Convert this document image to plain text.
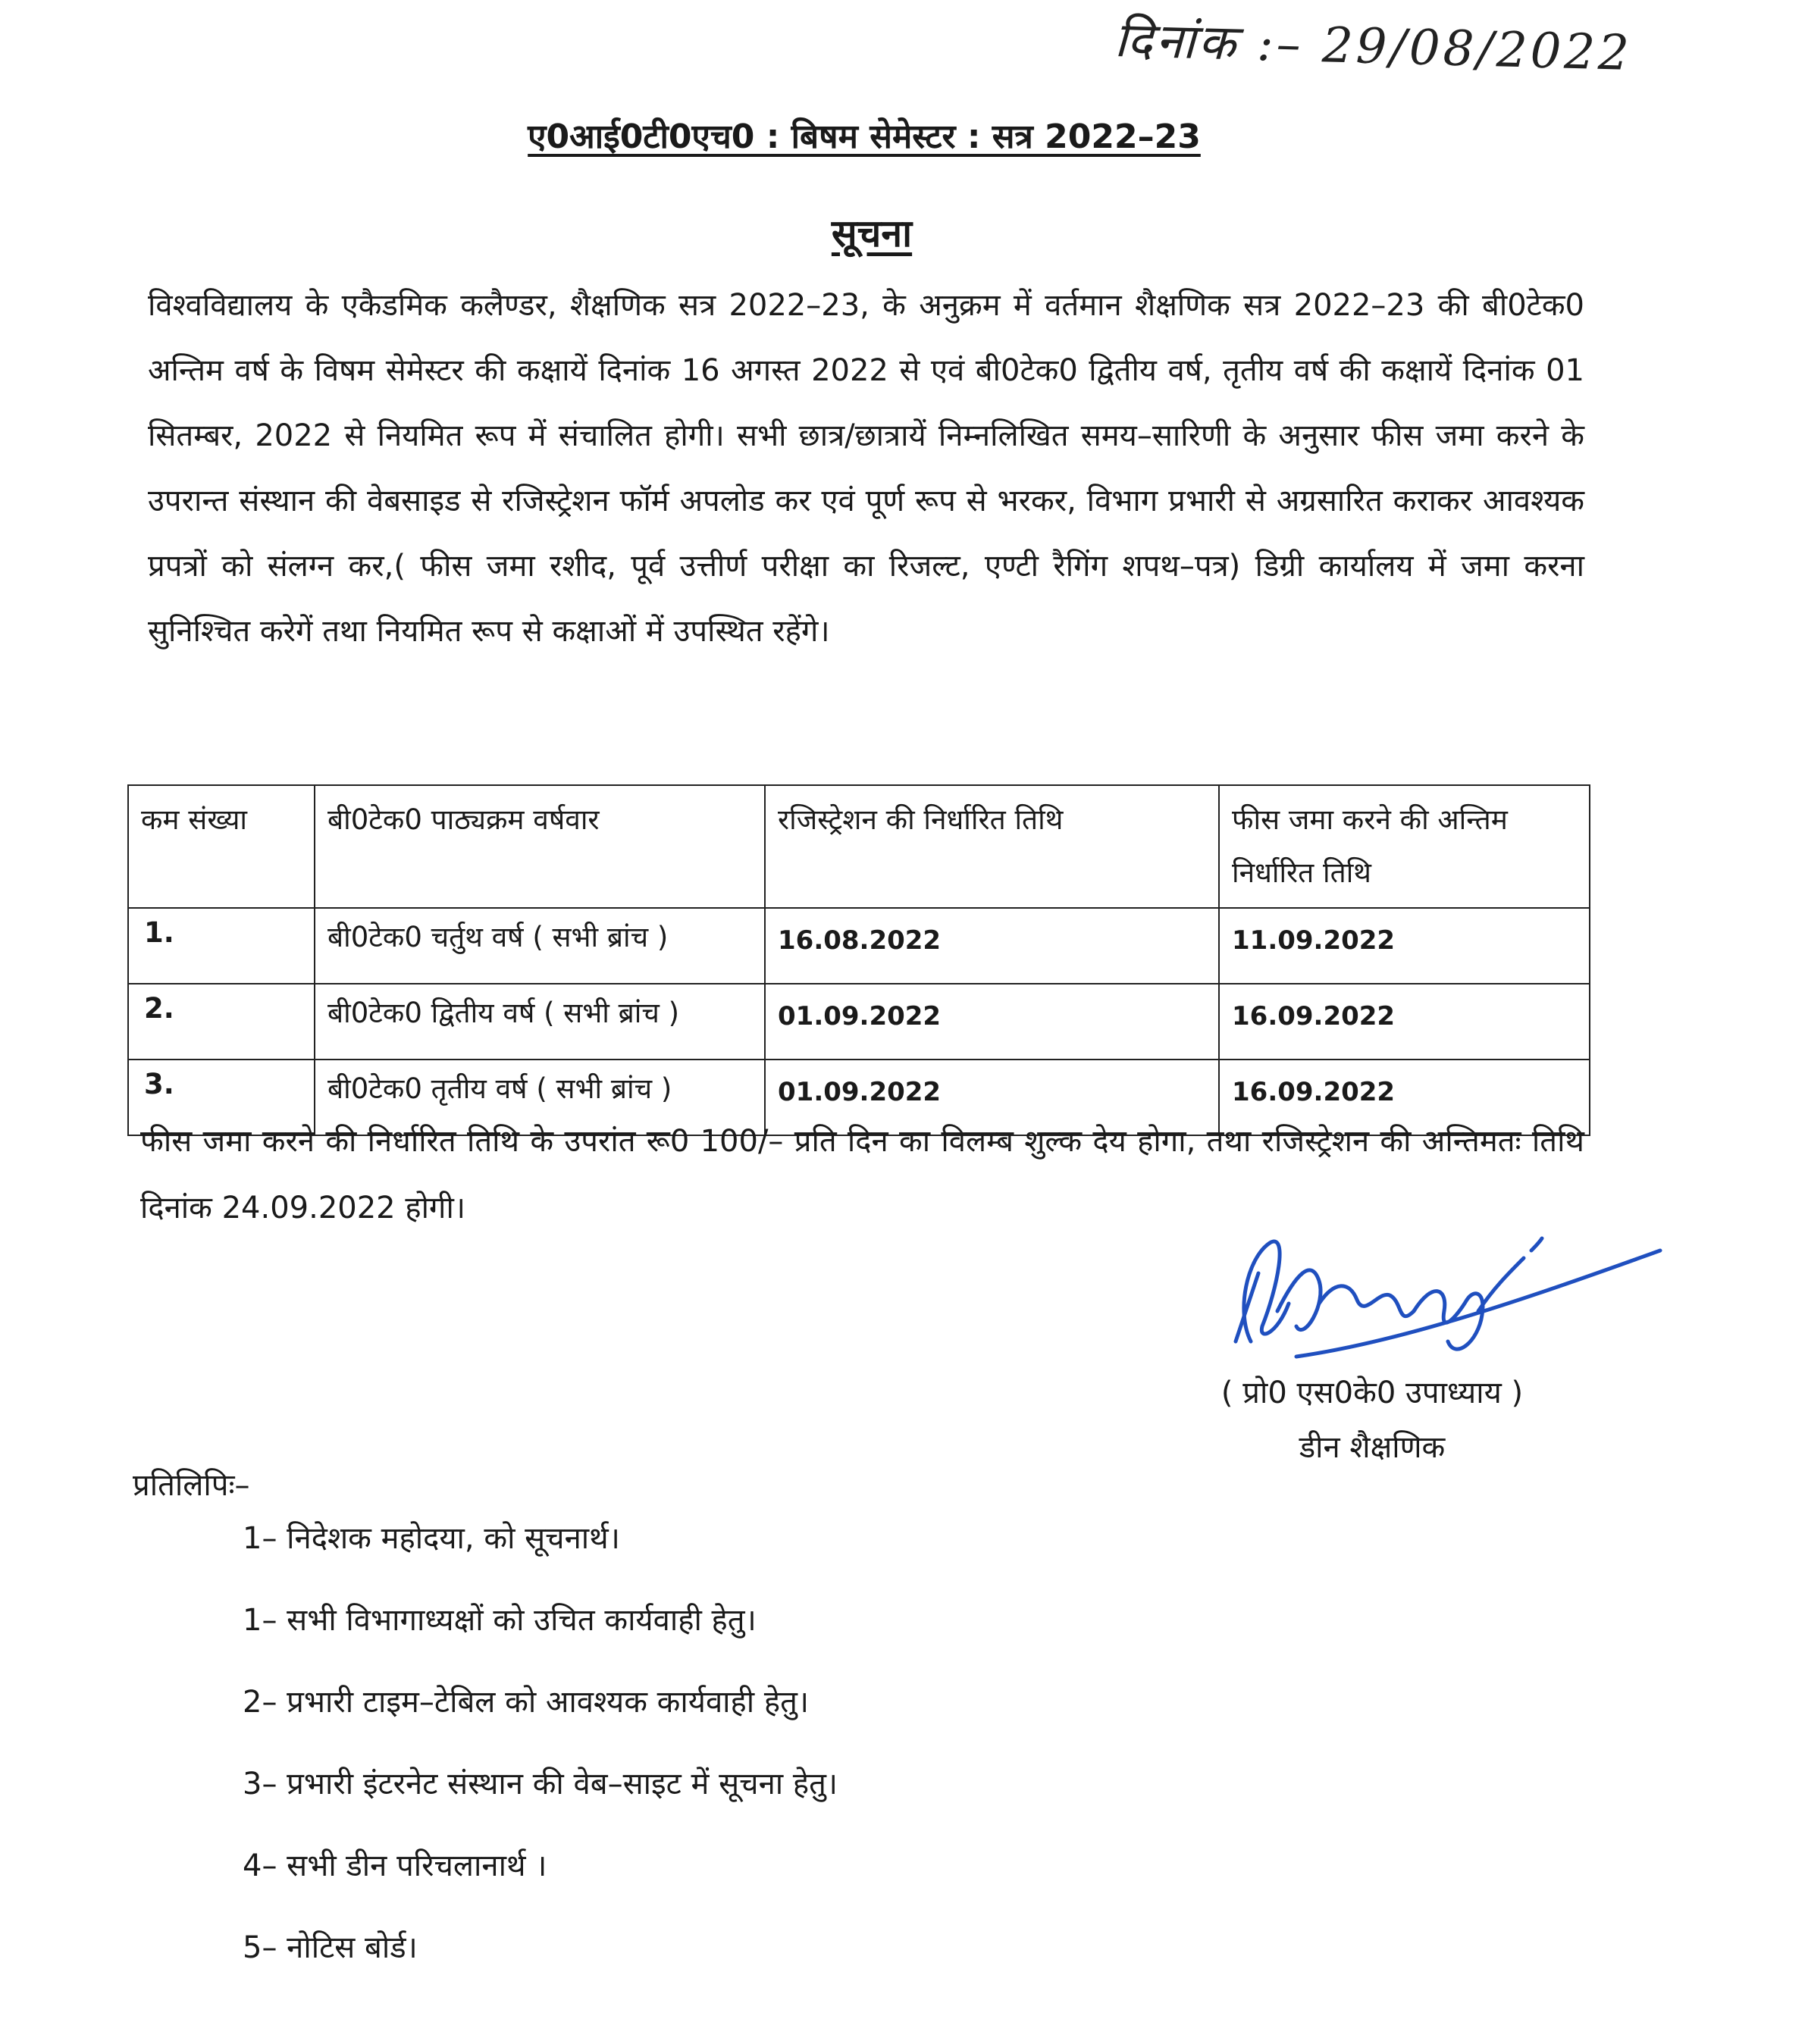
दिनांक :– 29/08/2022
ए0आई0टी0एच0 : बिषम सेमेस्टर : सत्र 2022–23
सूचना
विश्वविद्यालय के एकैडमिक कलैण्डर, शैक्षणिक सत्र 2022–23, के अनुक्रम में वर्तमान शैक्षणिक सत्र 2022–23 की बी0टेक0 अन्तिम वर्ष के विषम सेमेस्टर की कक्षायें दिनांक 16 अगस्त 2022 से एवं बी0टेक0 द्वितीय वर्ष, तृतीय वर्ष की कक्षायें दिनांक 01 सितम्बर, 2022 से नियमित रूप में संचालित होगी। सभी छात्र/छात्रायें निम्नलिखित समय–सारिणी के अनुसार फीस जमा करने के उपरान्त संस्थान की वेबसाइड से रजिस्ट्रेशन फॉर्म अपलोड कर एवं पूर्ण रूप से भरकर, विभाग प्रभारी से अग्रसारित कराकर आवश्यक प्रपत्रों को संलग्न कर,( फीस जमा रशीद, पूर्व उत्तीर्ण परीक्षा का रिजल्ट, एण्टी रैगिंग शपथ–पत्र) डिग्री कार्यालय में जमा करना सुनिश्चित करेगें तथा नियमित रूप से कक्षाओं में उपस्थित रहेंगे।
कम संख्या	बी0टेक0 पाठ्यक्रम वर्षवार	रजिस्ट्रेशन की निर्धारित तिथि	फीस जमा करने की अन्तिम निर्धारित तिथि
1.	बी0टेक0 चर्तुथ वर्ष ( सभी ब्रांच )	16.08.2022	11.09.2022
2.	बी0टेक0 द्वितीय वर्ष ( सभी ब्रांच )	01.09.2022	16.09.2022
3.	बी0टेक0 तृतीय वर्ष ( सभी ब्रांच )	01.09.2022	16.09.2022
फीस जमा करने की निर्धारित तिथि के उपरांत रू0 100/– प्रति दिन का विलम्ब शुल्क देय होगा, तथा रजिस्ट्रेशन की अन्तिमतः तिथि दिनांक 24.09.2022 होगी।
( प्रो0 एस0के0 उपाध्याय )
डीन शैक्षणिक
प्रतिलिपिः–
1– निदेशक महोदया, को सूचनार्थ।
1– सभी विभागाध्यक्षों को उचित कार्यवाही हेतु।
2– प्रभारी टाइम–टेबिल को आवश्यक कार्यवाही हेतु।
3– प्रभारी इंटरनेट संस्थान की वेब–साइट में सूचना हेतु।
4– सभी डीन परिचलानार्थ ।
5– नोटिस बोर्ड।
